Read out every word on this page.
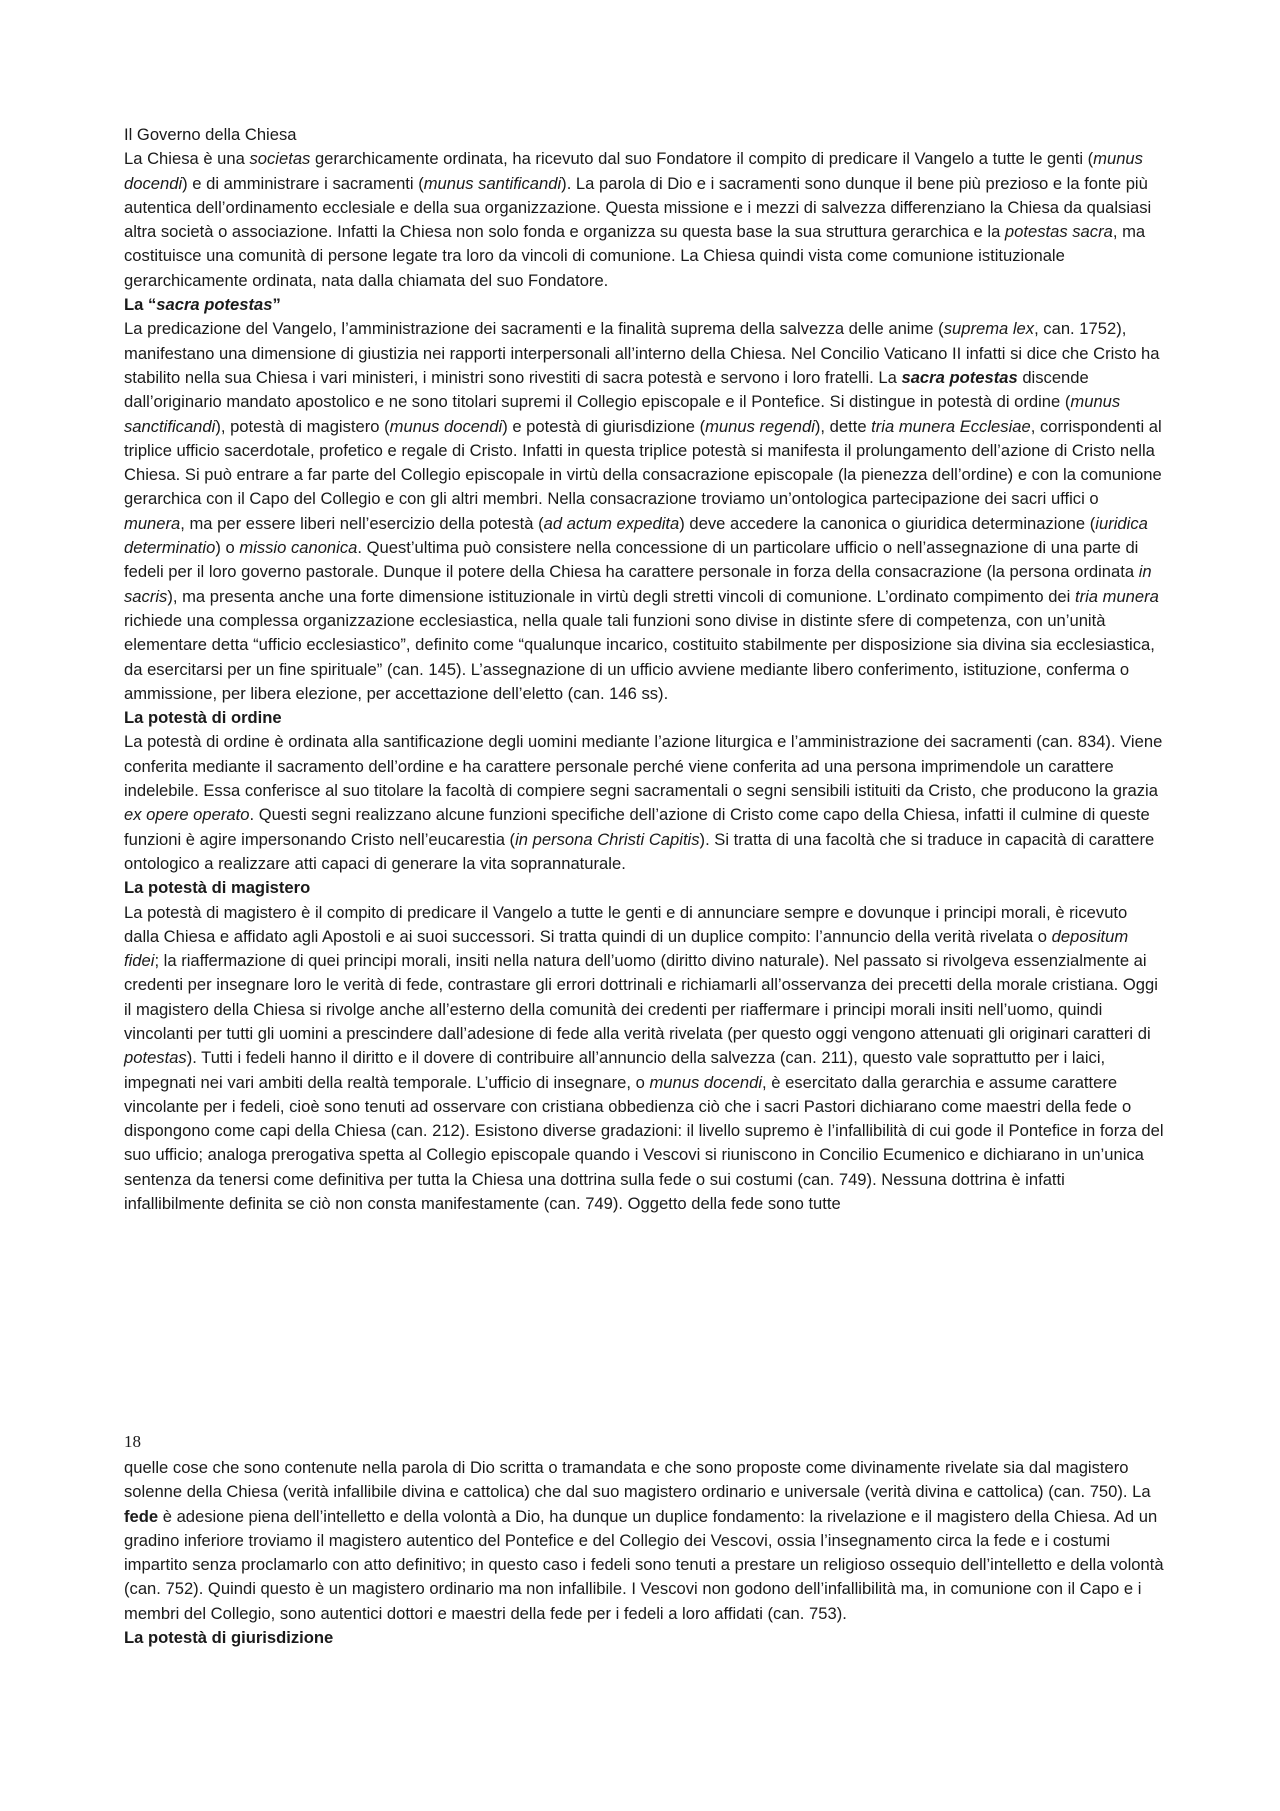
Il Governo della Chiesa

La Chiesa è una societas gerarchicamente ordinata, ha ricevuto dal suo Fondatore il compito di predicare il Vangelo a tutte le genti (munus docendi) e di amministrare i sacramenti (munus santificandi). La parola di Dio e i sacramenti sono dunque il bene più prezioso e la fonte più autentica dell’ordinamento ecclesiale e della sua organizzazione. Questa missione e i mezzi di salvezza differenziano la Chiesa da qualsiasi altra società o associazione. Infatti la Chiesa non solo fonda e organizza su questa base la sua struttura gerarchica e la potestas sacra, ma costituisce una comunità di persone legate tra loro da vincoli di comunione. La Chiesa quindi vista come comunione istituzionale gerarchicamente ordinata, nata dalla chiamata del suo Fondatore.

La “sacra potestas”

La predicazione del Vangelo, l’amministrazione dei sacramenti e la finalità suprema della salvezza delle anime (suprema lex, can. 1752), manifestano una dimensione di giustizia nei rapporti interpersonali all’interno della Chiesa. Nel Concilio Vaticano II infatti si dice che Cristo ha stabilito nella sua Chiesa i vari ministeri, i ministri sono rivestiti di sacra potestà e servono i loro fratelli. La sacra potestas discende dall’originario mandato apostolico e ne sono titolari supremi il Collegio episcopale e il Pontefice. Si distingue in potestà di ordine (munus sanctificandi), potestà di magistero (munus docendi) e potestà di giurisdizione (munus regendi), dette tria munera Ecclesiae, corrispondenti al triplice ufficio sacerdotale, profetico e regale di Cristo. Infatti in questa triplice potestà si manifesta il prolungamento dell’azione di Cristo nella Chiesa. Si può entrare a far parte del Collegio episcopale in virtù della consacrazione episcopale (la pienezza dell’ordine) e con la comunione gerarchica con il Capo del Collegio e con gli altri membri. Nella consacrazione troviamo un’ontologica partecipazione dei sacri uffici o munera, ma per essere liberi nell’esercizio della potestà (ad actum expedita) deve accedere la canonica o giuridica determinazione (iuridica determinatio) o missio canonica. Quest’ultima può consistere nella concessione di un particolare ufficio o nell’assegnazione di una parte di fedeli per il loro governo pastorale. Dunque il potere della Chiesa ha carattere personale in forza della consacrazione (la persona ordinata in sacris), ma presenta anche una forte dimensione istituzionale in virtù degli stretti vincoli di comunione. L’ordinato compimento dei tria munera richiede una complessa organizzazione ecclesiastica, nella quale tali funzioni sono divise in distinte sfere di competenza, con un’unità elementare detta “ufficio ecclesiastico”, definito come “qualunque incarico, costituito stabilmente per disposizione sia divina sia ecclesiastica, da esercitarsi per un fine spirituale” (can. 145). L’assegnazione di un ufficio avviene mediante libero conferimento, istituzione, conferma o ammissione, per libera elezione, per accettazione dell’eletto (can. 146 ss).

La potestà di ordine

La potestà di ordine è ordinata alla santificazione degli uomini mediante l’azione liturgica e l’amministrazione dei sacramenti (can. 834). Viene conferita mediante il sacramento dell’ordine e ha carattere personale perché viene conferita ad una persona imprimendole un carattere indelebile. Essa conferisce al suo titolare la facoltà di compiere segni sacramentali o segni sensibili istituiti da Cristo, che producono la grazia ex opere operato. Questi segni realizzano alcune funzioni specifiche dell’azione di Cristo come capo della Chiesa, infatti il culmine di queste funzioni è agire impersonando Cristo nell’eucarestia (in persona Christi Capitis). Si tratta di una facoltà che si traduce in capacità di carattere ontologico a realizzare atti capaci di generare la vita soprannaturale.

La potestà di magistero

La potestà di magistero è il compito di predicare il Vangelo a tutte le genti e di annunciare sempre e dovunque i principi morali, è ricevuto dalla Chiesa e affidato agli Apostoli e ai suoi successori. Si tratta quindi di un duplice compito: l’annuncio della verità rivelata o depositum fidei; la riaffermazione di quei principi morali, insiti nella natura dell’uomo (diritto divino naturale). Nel passato si rivolgeva essenzialmente ai credenti per insegnare loro le verità di fede, contrastare gli errori dottrinali e richiamarli all’osservanza dei precetti della morale cristiana. Oggi il magistero della Chiesa si rivolge anche all’esterno della comunità dei credenti per riaffermare i principi morali insiti nell’uomo, quindi vincolanti per tutti gli uomini a prescindere dall’adesione di fede alla verità rivelata (per questo oggi vengono attenuati gli originari caratteri di potestas). Tutti i fedeli hanno il diritto e il dovere di contribuire all’annuncio della salvezza (can. 211), questo vale soprattutto per i laici, impegnati nei vari ambiti della realtà temporale. L’ufficio di insegnare, o munus docendi, è esercitato dalla gerarchia e assume carattere vincolante per i fedeli, cioè sono tenuti ad osservare con cristiana obbedienza ciò che i sacri Pastori dichiarano come maestri della fede o dispongono come capi della Chiesa (can. 212). Esistono diverse gradazioni: il livello supremo è l’infallibilità di cui gode il Pontefice in forza del suo ufficio; analoga prerogativa spetta al Collegio episcopale quando i Vescovi si riuniscono in Concilio Ecumenico e dichiarano in un’unica sentenza da tenersi come definitiva per tutta la Chiesa una dottrina sulla fede o sui costumi (can. 749). Nessuna dottrina è infatti infallibilmente definita se ciò non consta manifestamente (can. 749). Oggetto della fede sono tutte

18

quelle cose che sono contenute nella parola di Dio scritta o tramandata e che sono proposte come divinamente rivelate sia dal magistero solenne della Chiesa (verità infallibile divina e cattolica) che dal suo magistero ordinario e universale (verità divina e cattolica) (can. 750). La fede è adesione piena dell’intelletto e della volontà a Dio, ha dunque un duplice fondamento: la rivelazione e il magistero della Chiesa. Ad un gradino inferiore troviamo il magistero autentico del Pontefice e del Collegio dei Vescovi, ossia l’insegnamento circa la fede e i costumi impartito senza proclamarlo con atto definitivo; in questo caso i fedeli sono tenuti a prestare un religioso ossequio dell’intelletto e della volontà (can. 752). Quindi questo è un magistero ordinario ma non infallibile. I Vescovi non godono dell’infallibilità ma, in comunione con il Capo e i membri del Collegio, sono autentici dottori e maestri della fede per i fedeli a loro affidati (can. 753).

La potestà di giurisdizione
